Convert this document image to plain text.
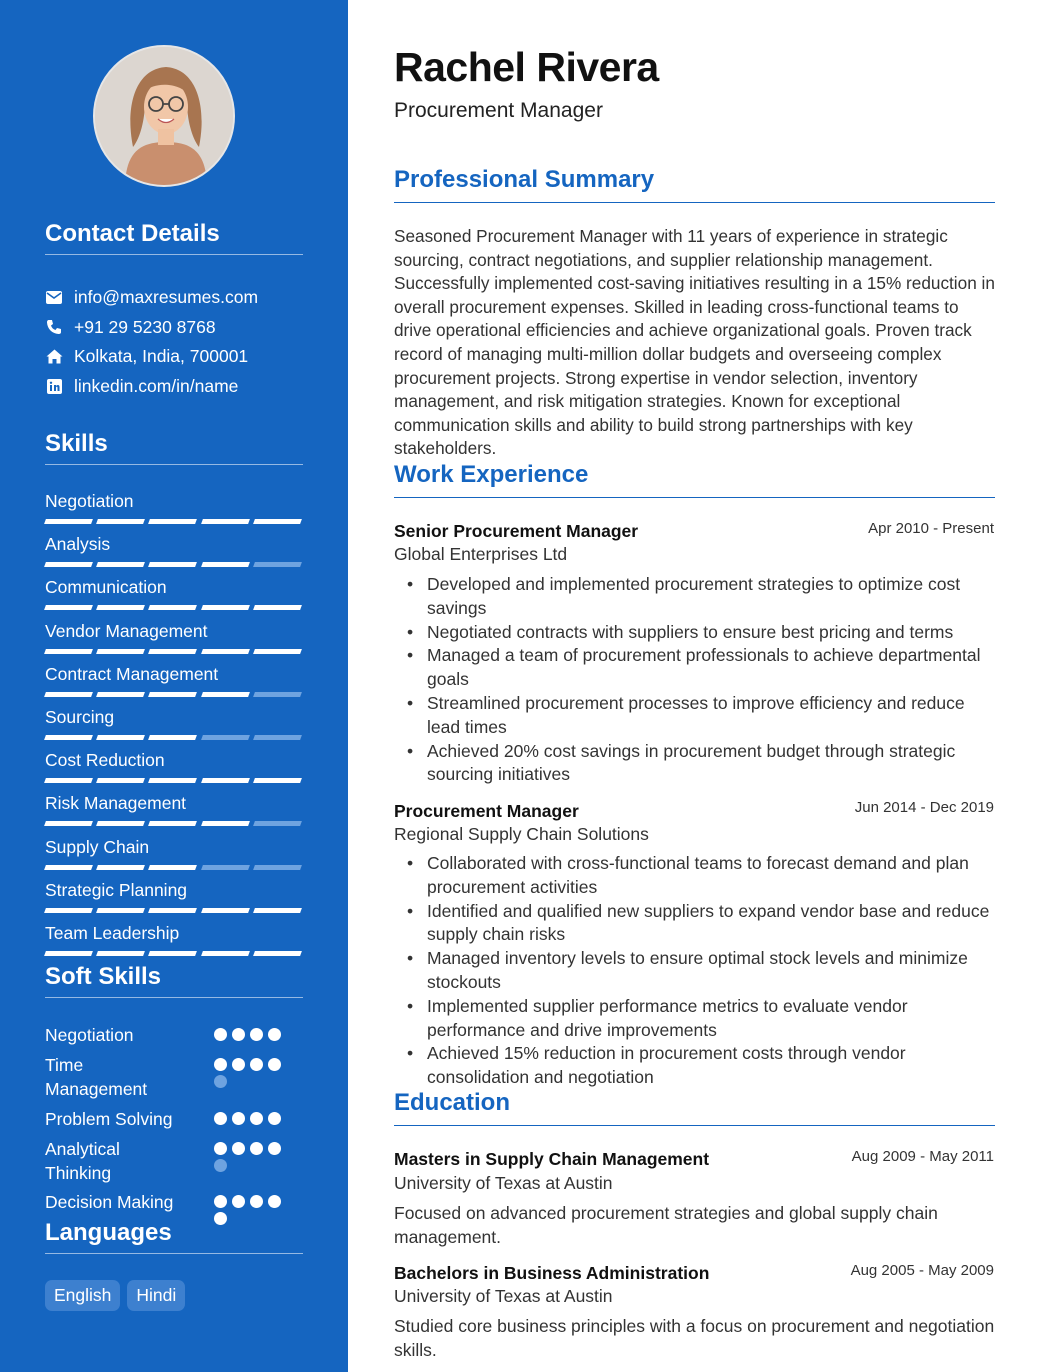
Contact Details
info@maxresumes.com
+91 29 5230 8768
Kolkata, India, 700001
linkedin.com/in/name
Skills
Negotiation
Analysis
Communication
Vendor Management
Contract Management
Sourcing
Cost Reduction
Risk Management
Supply Chain
Strategic Planning
Team Leadership
Soft Skills
Negotiation
Time Management
Problem Solving
Analytical Thinking
Decision Making
Languages
English	Hindi
Rachel Rivera
Procurement Manager
Professional Summary
Seasoned Procurement Manager with 11 years of experience in strategic sourcing, contract negotiations, and supplier relationship management. Successfully implemented cost-saving initiatives resulting in a 15% reduction in overall procurement expenses. Skilled in leading cross-functional teams to drive operational efficiencies and achieve organizational goals. Proven track record of managing multi-million dollar budgets and overseeing complex procurement projects. Strong expertise in vendor selection, inventory management, and risk mitigation strategies. Known for exceptional communication skills and ability to build strong partnerships with key stakeholders.
Work Experience
Senior Procurement Manager	Apr 2010 - Present
Global Enterprises Ltd
• Developed and implemented procurement strategies to optimize cost savings
• Negotiated contracts with suppliers to ensure best pricing and terms
• Managed a team of procurement professionals to achieve departmental goals
• Streamlined procurement processes to improve efficiency and reduce lead times
• Achieved 20% cost savings in procurement budget through strategic sourcing initiatives
Procurement Manager	Jun 2014 - Dec 2019
Regional Supply Chain Solutions
• Collaborated with cross-functional teams to forecast demand and plan procurement activities
• Identified and qualified new suppliers to expand vendor base and reduce supply chain risks
• Managed inventory levels to ensure optimal stock levels and minimize stockouts
• Implemented supplier performance metrics to evaluate vendor performance and drive improvements
• Achieved 15% reduction in procurement costs through vendor consolidation and negotiation
Education
Masters in Supply Chain Management	Aug 2009 - May 2011
University of Texas at Austin
Focused on advanced procurement strategies and global supply chain management.
Bachelors in Business Administration	Aug 2005 - May 2009
University of Texas at Austin
Studied core business principles with a focus on procurement and negotiation skills.
